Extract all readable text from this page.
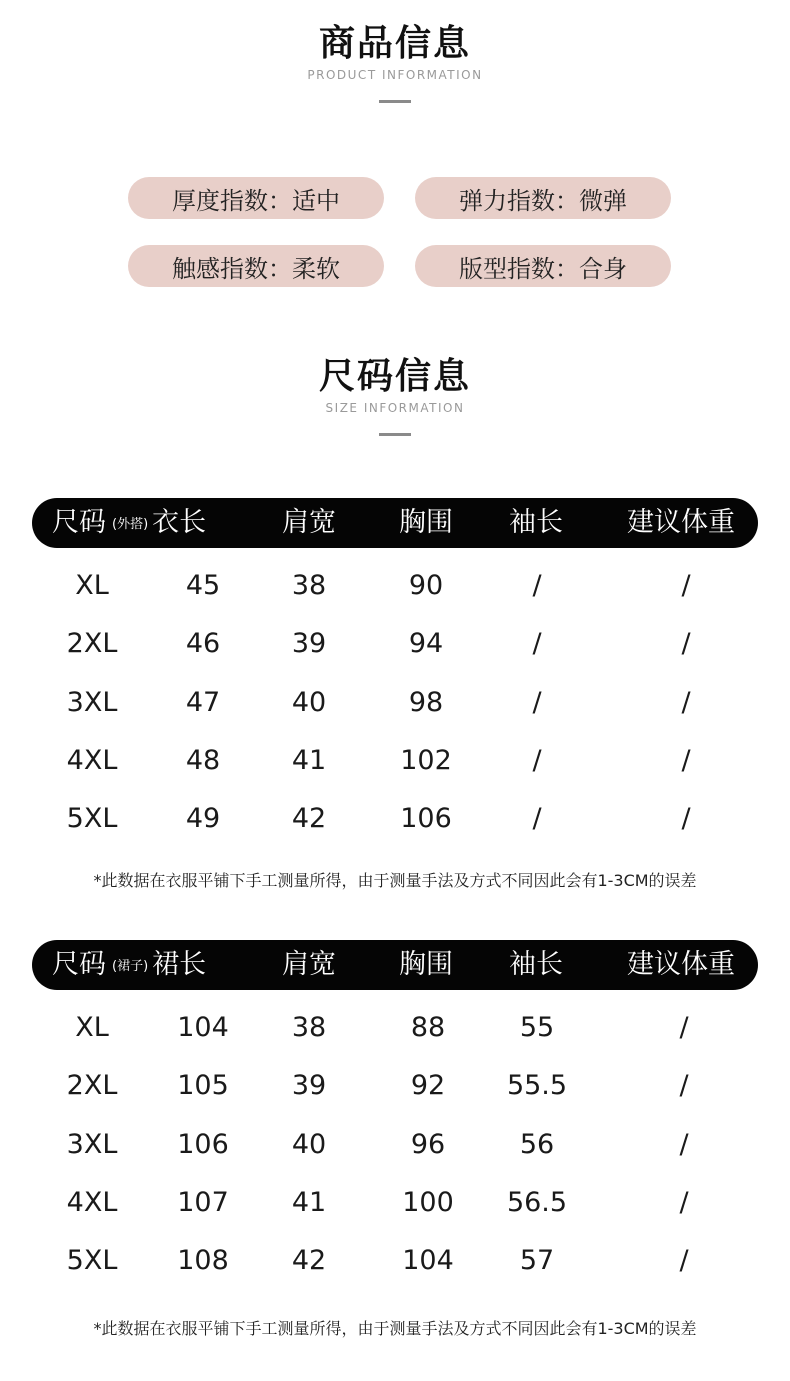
商品信息
PRODUCT INFORMATION
厚度指数：适中	弹力指数：微弹
触感指数：柔软	版型指数：合身
尺码信息
SIZE INFORMATION
尺码 (外搭) 衣长	肩宽 胸围 袖长 建议体重
XL	45	38	90	/	/
2XL	46	39	94	/	/
3XL	47	40	98	/	/
4XL	48	41	102	/	/
5XL	49	42	106	/	/
尺码 (裙子) 裙长	肩宽 胸围 袖长 建议体重
XL	104 38	88	55	/
2XL 105 39	92 55.5	/
3XL 106 40	96	56	/
4XL 107 41	100 56.5	/
5XL 108 42	104 57	/
*此数据在衣服平铺下手工测量所得，由于测量手法及方式不同因此会有1-3CM的误差
*此数据在衣服平铺下手工测量所得，由于测量手法及方式不同因此会有1-3CM的误差
